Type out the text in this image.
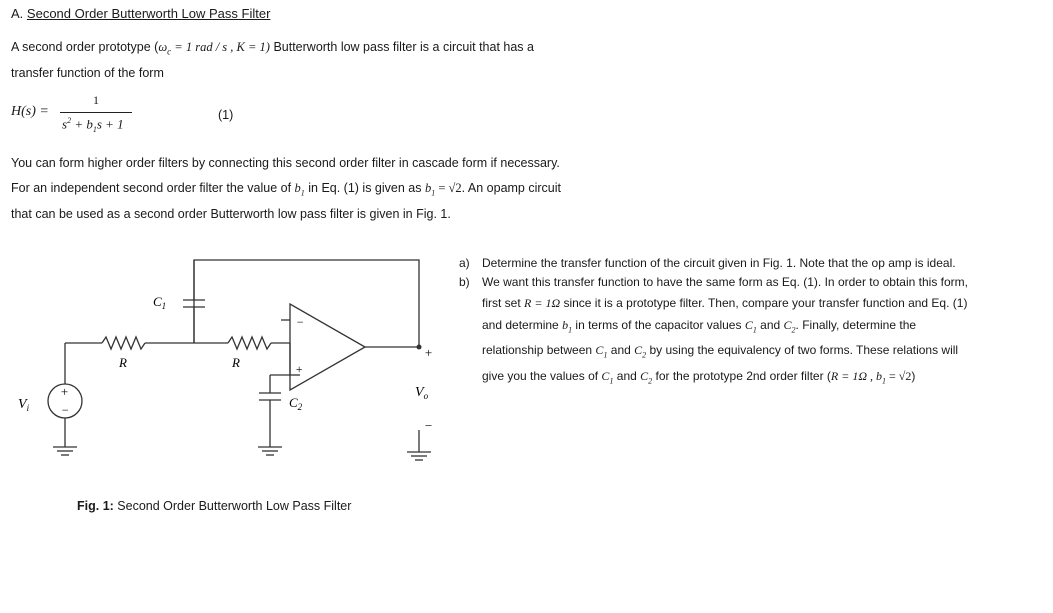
A. Second Order Butterworth Low Pass Filter
A second order prototype ($\omega_c = 1$ rad / s , K = 1) Butterworth low pass filter is a circuit that has a
transfer function of the form
H(s) =
1
$s^2 + b_1s + 1$
(1)
You can form higher order filters by connecting this second order filter in cascade form if necessary.
For an independent second order filter the value of $b_1$ in Eq. (1) is given as $b_1 = √2$. An opamp circuit
that can be used as a second order Butterworth low pass filter is given in Fig. 1.
a) Determine the transfer function of the circuit given in Fig. 1. Note that the op amp is ideal.
b) We want this transfer function to have the same form as Eq. (1). In order to obtain this form,
first set R = 1Ω since it is a prototype filter. Then, compare your transfer function and Eq. (1)
and determine $b_1$ in terms of the capacitor values $C_1$ and $C_2$. Finally, determine the
relationship between $C_1$ and $C_2$ by using the equivalency of two forms. These relations will
give you the values of $C_1$ and $C_2$ for the prototype 2nd order filter (R = 1Ω , $b_1 = √2$)
$V_i$
+
−
R	R
$C_1$
$C_2$
+
−
+
$V_o$
−
Fig. 1: Second Order Butterworth Low Pass Filter
